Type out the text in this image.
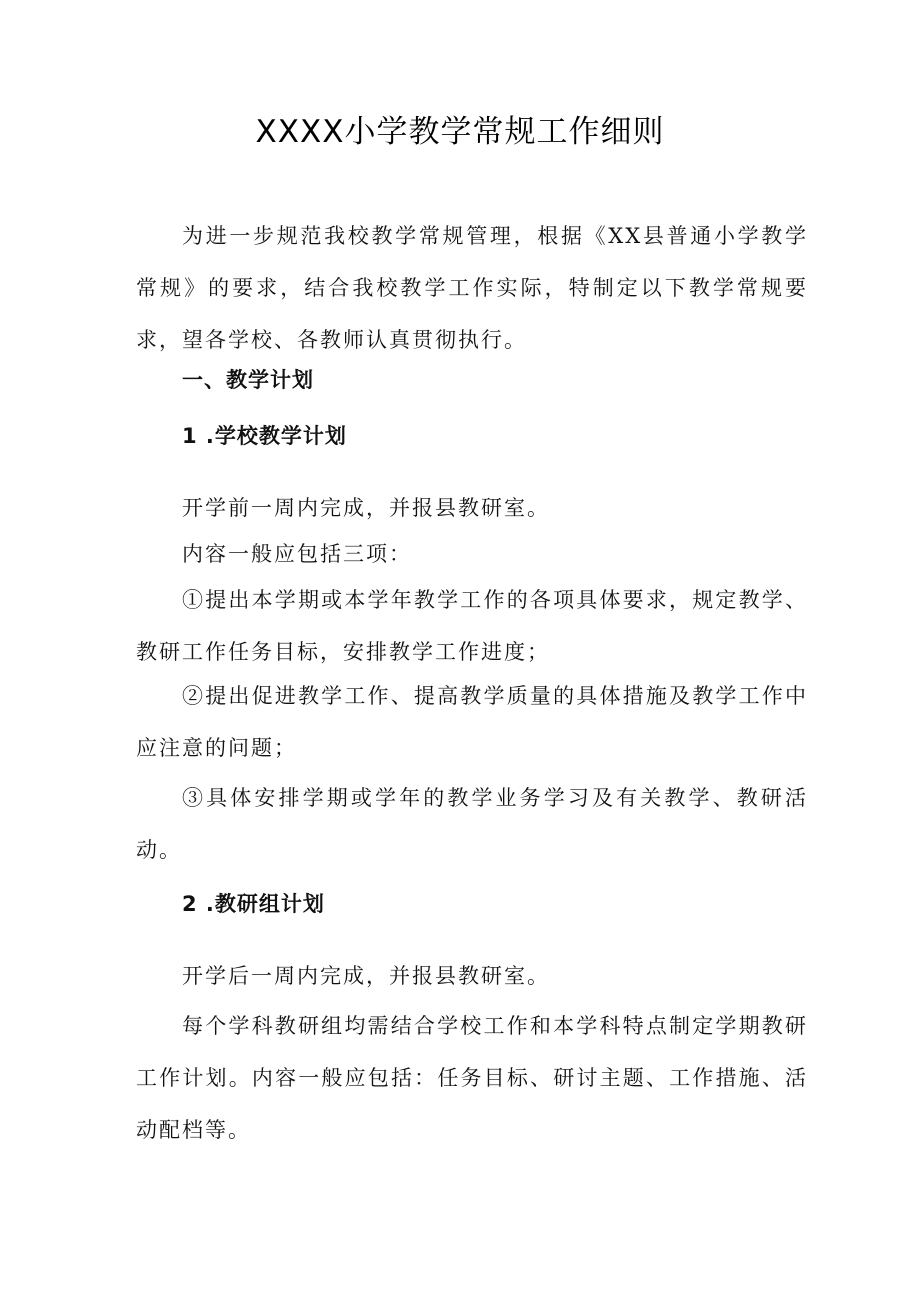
XXXX小学教学常规工作细则

为进一步规范我校教学常规管理，根据《XX县普通小学教学常规》的要求，结合我校教学工作实际，特制定以下教学常规要求，望各学校、各教师认真贯彻执行。

一、教学计划

1 .学校教学计划

开学前一周内完成，并报县教研室。

内容一般应包括三项：

①提出本学期或本学年教学工作的各项具体要求，规定教学、教研工作任务目标，安排教学工作进度；

②提出促进教学工作、提高教学质量的具体措施及教学工作中应注意的问题；

③具体安排学期或学年的教学业务学习及有关教学、教研活动。

2 .教研组计划

开学后一周内完成，并报县教研室。

每个学科教研组均需结合学校工作和本学科特点制定学期教研工作计划。内容一般应包括：任务目标、研讨主题、工作措施、活动配档等。
